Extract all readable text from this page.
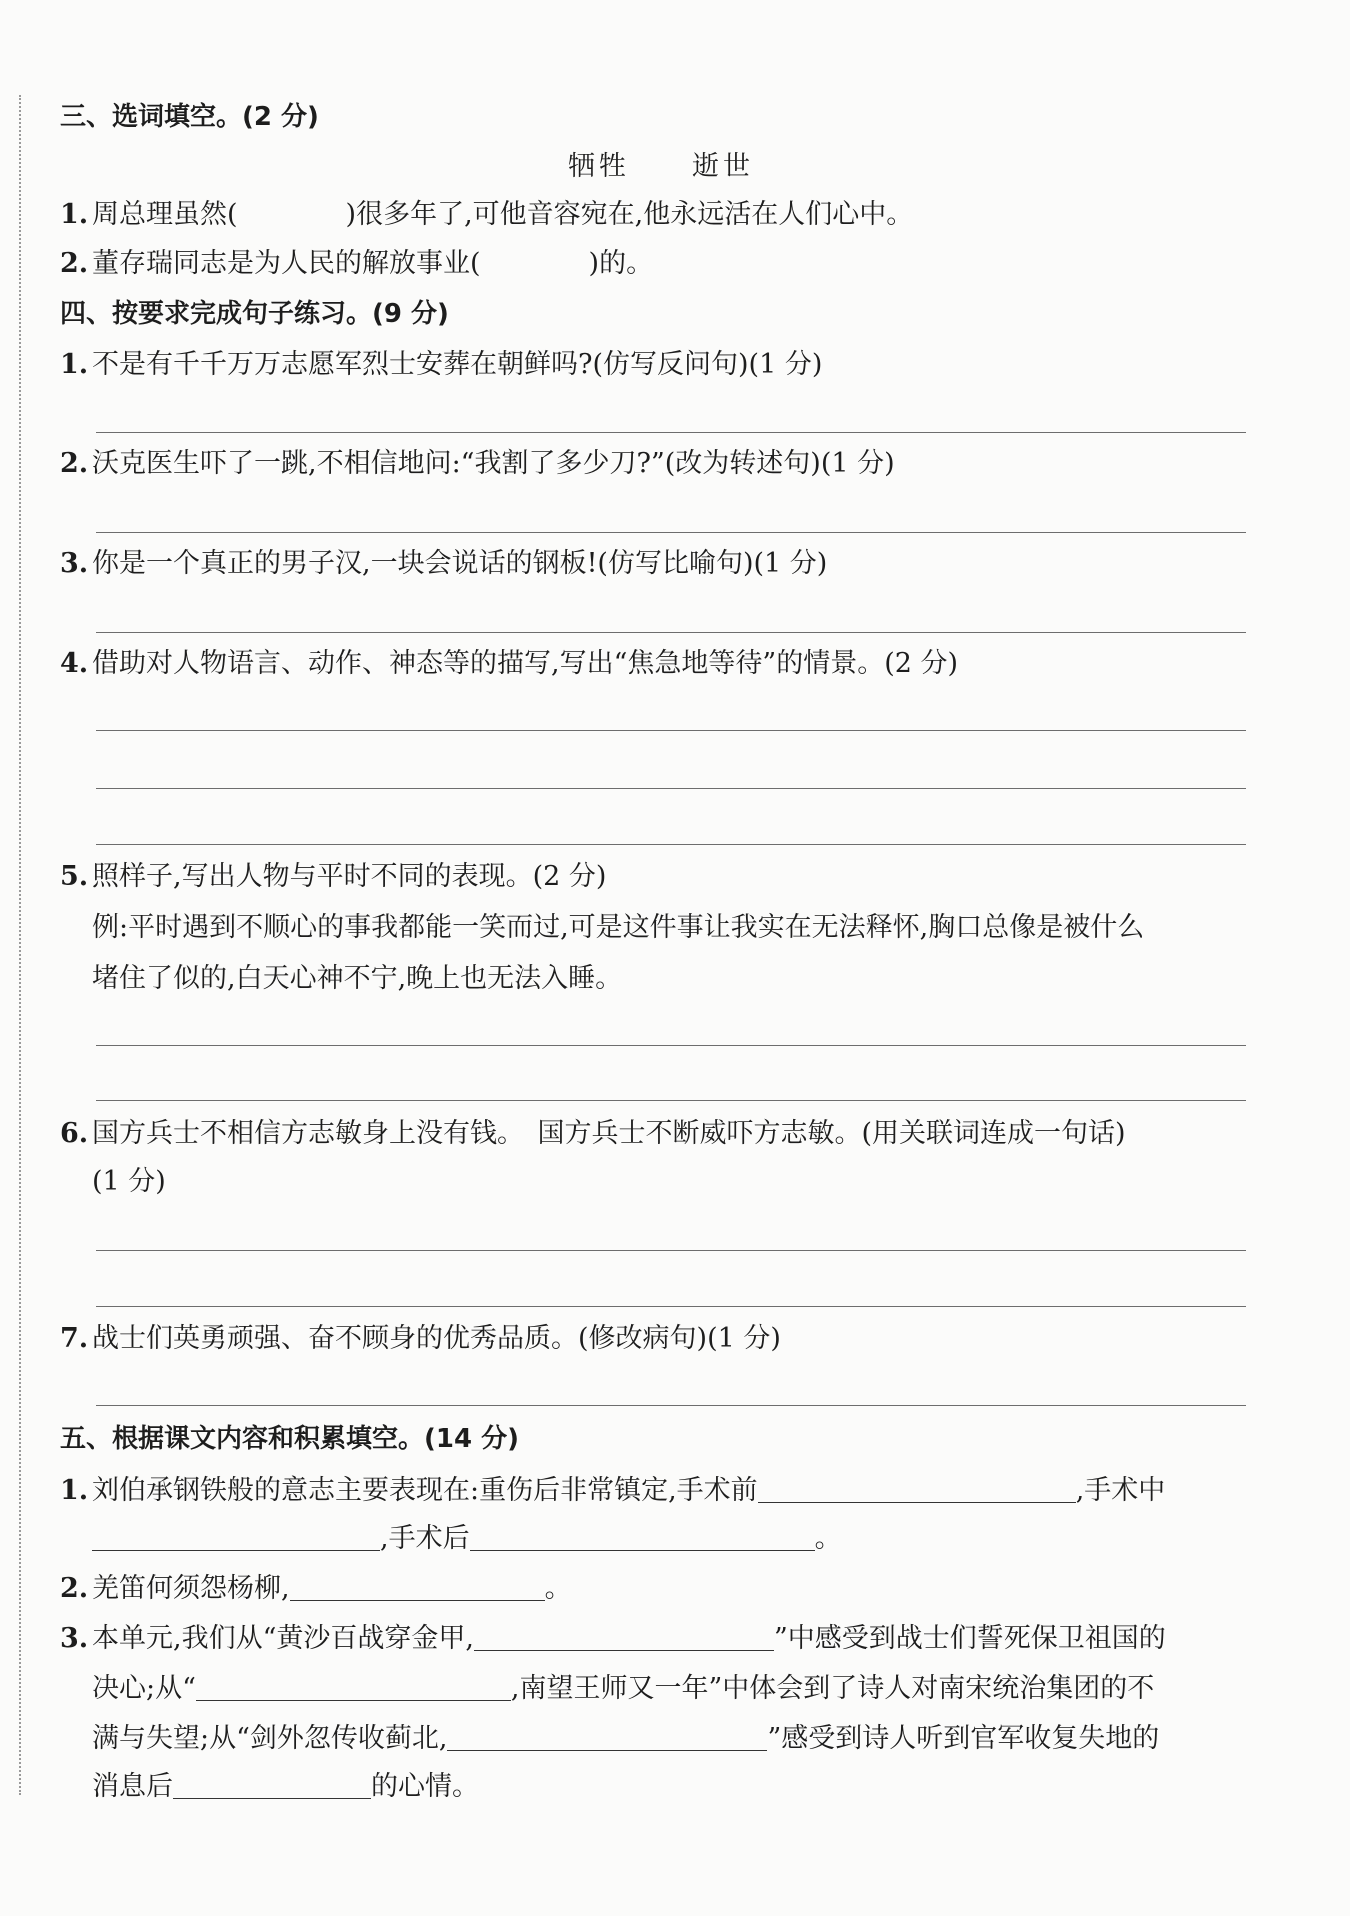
三、选词填空。(2 分)
牺牲　　逝世
1. 周总理虽然(　　　　)很多年了,可他音容宛在,他永远活在人们心中。
2. 董存瑞同志是为人民的解放事业(　　　　)的。
四、按要求完成句子练习。(9 分)
1. 不是有千千万万志愿军烈士安葬在朝鲜吗?(仿写反问句)(1 分)
2. 沃克医生吓了一跳,不相信地问:“我割了多少刀?”(改为转述句)(1 分)
3. 你是一个真正的男子汉,一块会说话的钢板!(仿写比喻句)(1 分)
4. 借助对人物语言、动作、神态等的描写,写出“焦急地等待”的情景。(2 分)
5. 照样子,写出人物与平时不同的表现。(2 分)
例:平时遇到不顺心的事我都能一笑而过,可是这件事让我实在无法释怀,胸口总像是被什么
堵住了似的,白天心神不宁,晚上也无法入睡。
6. 国方兵士不相信方志敏身上没有钱。　国方兵士不断威吓方志敏。(用关联词连成一句话)
(1 分)
7. 战士们英勇顽强、奋不顾身的优秀品质。(修改病句)(1 分)
五、根据课文内容和积累填空。(14 分)
1. 刘伯承钢铁般的意志主要表现在:重伤后非常镇定,手术前	,手术中
,手术后	。
2. 羌笛何须怨杨柳,	。
3. 本单元,我们从“黄沙百战穿金甲,	”中感受到战士们誓死保卫祖国的
决心;从“	,南望王师又一年”中体会到了诗人对南宋统治集团的不
满与失望;从“剑外忽传收蓟北,	”感受到诗人听到官军收复失地的
消息后	的心情。
